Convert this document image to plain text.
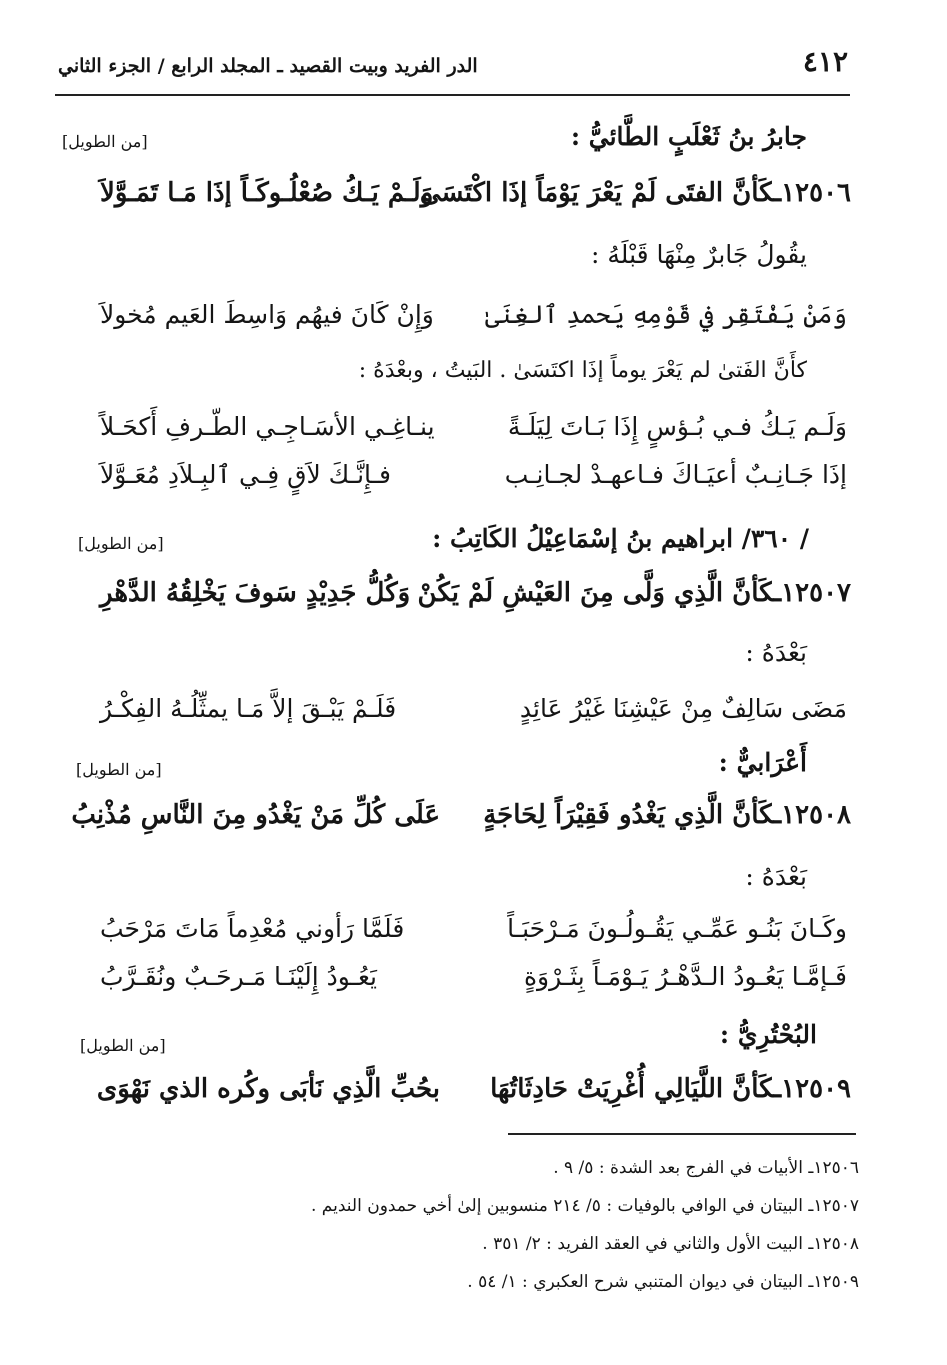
٤١٢
الدر الفريد وبيت القصيد ـ المجلد الرابع / الجزء الثاني
جابرُ بنُ ثَعْلَبٍ الطَّائيُّ :
[من الطويل]
١٢٥٠٦ـكَأنَّ الفتَى لَمْ يَعْرَ يَوْمَاً إذَا اكْتَسَى
وَلَـمْ يَـكُ صُعْلُـوكَـاً إذَا مَـا تَمَـوَّلاَ
يقُولُ جَابرٌ مِنْهَا قَبْلَهُ :
وَمَنْ يَفْتَقِر في قَوْمِهِ يَحمدِ ٱلغِنَىٰ
وَإِنْ كَانَ فيهُم وَاسِطَ العَيم مُخولاَ
كأَنَّ الفَتىٰ لم يَعْرَ يوماً إذَا اكتَسَىٰ . البَيتُ ، وبعْدَهُ :
وَلَـم يَـكُ فـي بُـؤسٍ إِذَا بَـاتَ لِيَلَـةً
ينـاغِـي الأسَـاجِـي الطّـرفِ أَكحَـلاً
إذَا جَـانِـبٌ أعيَـاكَ فـاعهـدْ لجـانِـب
فـإِنَّـكَ لاَقٍ فِـي ٱلبِـلاَدِ مُعَـوَّلاَ
/ ٣٦٠/ ابراهيم بنُ إسْمَاعِيْلُ الكَاتِبُ :
[من الطويل]
١٢٥٠٧ـكَأنَّ الَّذِي وَلَّى مِنَ العَيْشِ لَمْ يَكُنْ
وَكُلُّ جَدِيْدٍ سَوفَ يَخْلِقُهُ الدَّهْرِ
بَعْدَهُ :
مَضَى سَالِفٌ مِنْ عَيْشِنَا غَيْرُ عَائِدٍ
فَلَـمْ يَبْـقَ إلاَّ مَـا يمثِّلُـهُ الفِكْـرُ
أَعْرَابيٌّ :
[من الطويل]
١٢٥٠٨ـكَأنَّ الَّذِي يَغْدُو فَقِيْرَاً لِحَاجَةٍ
عَلَى كُلِّ مَنْ يَغْدُو مِنَ النَّاسِ مُذْنِبُ
بَعْدَهُ :
وكَـانَ بَنُـو عَمِّـي يَقُـولُـونَ مَـرْحَبَـاً
فَلَمَّا رَأوني مُعْدِماً مَاتَ مَرْحَبُ
فَـإمَّـا يَعُـودُ الـدَّهْـرُ يَـوْمَـاً بِثَـرْوَةٍ
يَعُـودُ إِلَيْنَـا مَـرحَـبٌ ونُقَـرَّبُ
البُحْتُرِيُّ :
[من الطويل]
١٢٥٠٩ـكَأنَّ اللَّيَالِي أُغْرِيَتْ حَادِثَاتُهَا
بحُبِّ الَّذِي نَأبَى وكُره الذي نَهْوَى
١٢٥٠٦ـ الأبيات في الفرج بعد الشدة : ٥/ ٩ .
١٢٥٠٧ـ البيتان في الوافي بالوفيات : ٥/ ٢١٤ منسوبين إلىٰ أخي حمدون النديم .
١٢٥٠٨ـ البيت الأول والثاني في العقد الفريد : ٢/ ٣٥١ .
١٢٥٠٩ـ البيتان في ديوان المتنبي شرح العكبري : ١/ ٥٤ .
